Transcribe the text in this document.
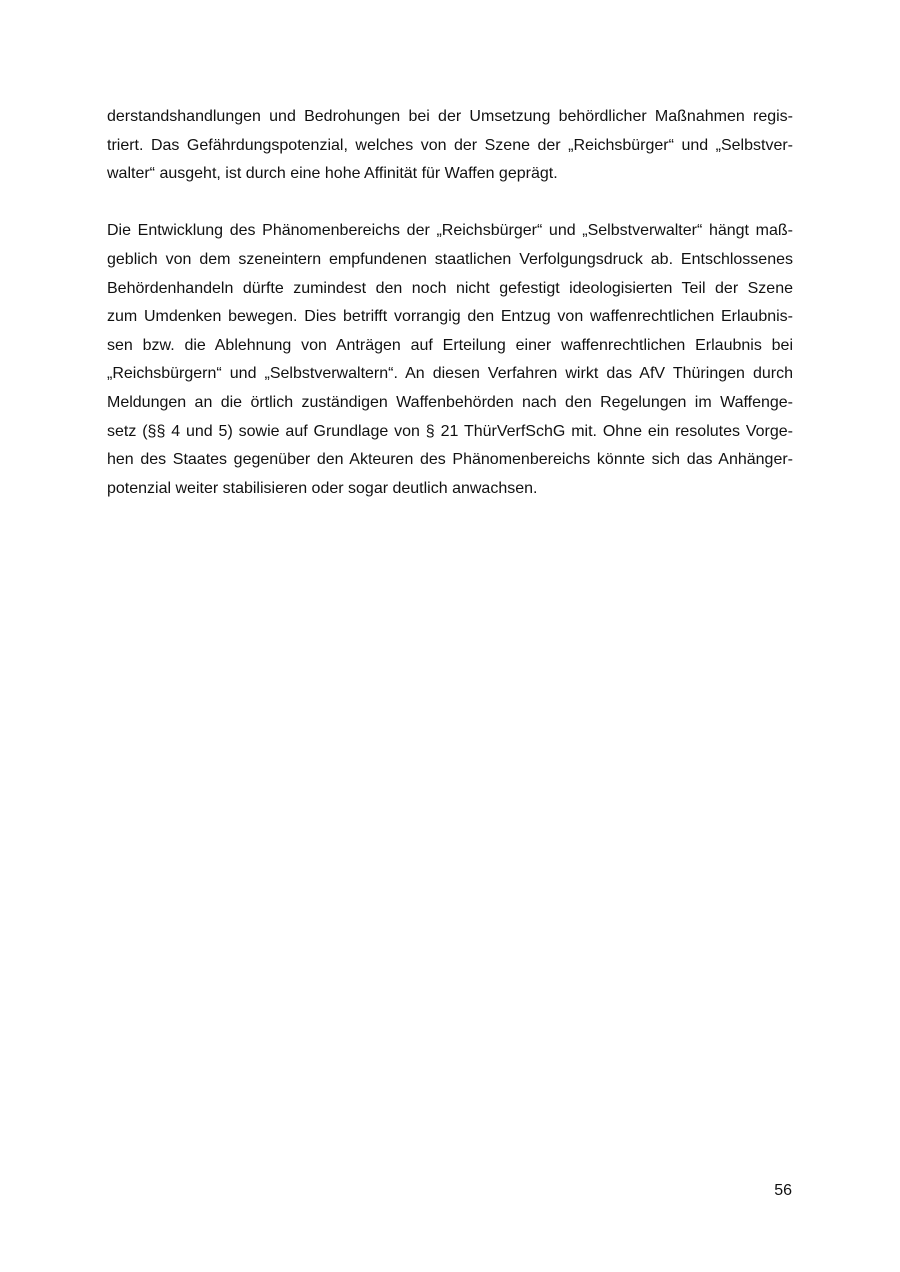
derstandshandlungen und Bedrohungen bei der Umsetzung behördlicher Maßnahmen regis-
triert. Das Gefährdungspotenzial, welches von der Szene der „Reichsbürger“ und „Selbstver-
walter“ ausgeht, ist durch eine hohe Affinität für Waffen geprägt.
Die Entwicklung des Phänomenbereichs der „Reichsbürger“ und „Selbstverwalter“ hängt maß-
geblich von dem szeneintern empfundenen staatlichen Verfolgungsdruck ab. Entschlossenes
Behördenhandeln dürfte zumindest den noch nicht gefestigt ideologisierten Teil der Szene
zum Umdenken bewegen. Dies betrifft vorrangig den Entzug von waffenrechtlichen Erlaubnis-
sen bzw. die Ablehnung von Anträgen auf Erteilung einer waffenrechtlichen Erlaubnis bei
„Reichsbürgern“ und „Selbstverwaltern“. An diesen Verfahren wirkt das AfV Thüringen durch
Meldungen an die örtlich zuständigen Waffenbehörden nach den Regelungen im Waffenge-
setz (§§ 4 und 5) sowie auf Grundlage von § 21 ThürVerfSchG mit. Ohne ein resolutes Vorge-
hen des Staates gegenüber den Akteuren des Phänomenbereichs könnte sich das Anhänger-
potenzial weiter stabilisieren oder sogar deutlich anwachsen.
56
